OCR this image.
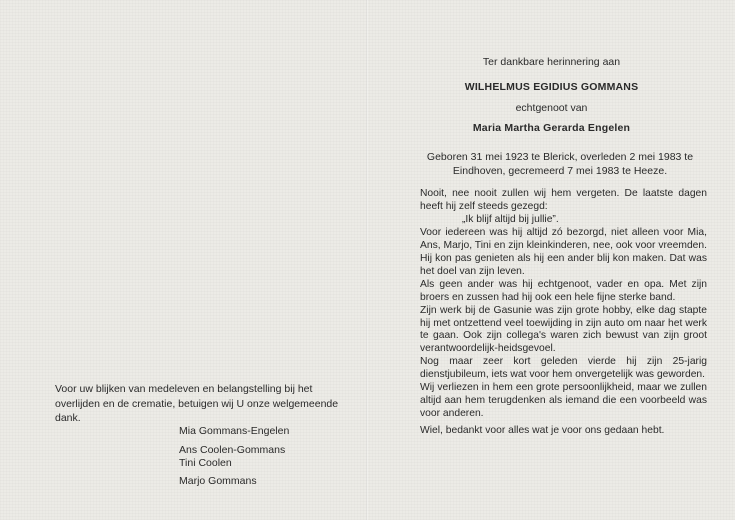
Voor uw blijken van medeleven en belangstelling bij het overlijden en de crematie, betuigen wij U onze welgemeende dank.

Mia Gommans-Engelen
Ans Coolen-Gommans
Tini Coolen
Marjo Gommans
Ter dankbare herinnering aan
WILHELMUS EGIDIUS GOMMANS
echtgenoot van
Maria Martha Gerarda Engelen

Geboren 31 mei 1923 te Blerick, overleden 2 mei 1983 te Eindhoven, gecremeerd 7 mei 1983 te Heeze.

Nooit, nee nooit zullen wij hem vergeten. De laatste dagen heeft hij zelf steeds gezegd:

„Ik blijf altijd bij jullie”.

Voor iedereen was hij altijd zó bezorgd, niet alleen voor Mia, Ans, Marjo, Tini en zijn kleinkinderen, nee, ook voor vreemden. Hij kon pas genieten als hij een ander blij kon maken. Dat was het doel van zijn leven.

Als geen ander was hij echtgenoot, vader en opa. Met zijn broers en zussen had hij ook een hele fijne sterke band.

Zijn werk bij de Gasunie was zijn grote hobby, elke dag stapte hij met ontzettend veel toewijding in zijn auto om naar het werk te gaan. Ook zijn collega's waren zich bewust van zijn groot verantwoordelijk-heidsgevoel.

Nog maar zeer kort geleden vierde hij zijn 25-jarig dienstjubileum, iets wat voor hem onvergetelijk was geworden.

Wij verliezen in hem een grote persoonlijkheid, maar we zullen altijd aan hem terugdenken als iemand die een voorbeeld was voor anderen.

Wiel, bedankt voor alles wat je voor ons gedaan hebt.
